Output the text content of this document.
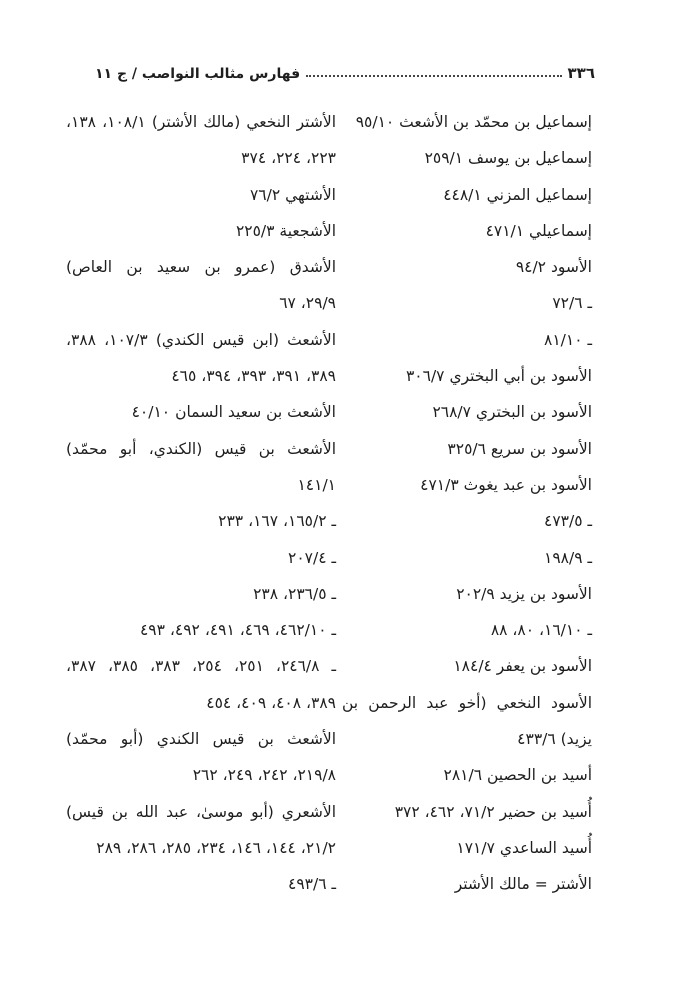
٣٣٦
فهارس مثالب النواصب / ج ١١
إسماعيل بن محمّد بن الأشعث ٩٥/١٠
إسماعيل بن يوسف ٢٥٩/١
إسماعيل المزني ٤٤٨/١
إسماعيلي ٤٧١/١
الأسود ٩٤/٢
ـ ٧٢/٦
ـ ٨١/١٠
الأسود بن أبي البختري ٣٠٦/٧
الأسود بن البختري ٢٦٨/٧
الأسود بن سريع ٣٢٥/٦
الأسود بن عبد يغوث ٤٧١/٣
ـ ٤٧٣/٥
ـ ١٩٨/٩
الأسود بن يزيد ٢٠٢/٩
ـ ١٦/١٠، ٨٠، ٨٨
الأسود بن يعفر ١٨٤/٤
الأسود النخعي (أخو عبد الرحمن بن
يزيد) ٤٣٣/٦
أسيد بن الحصين ٢٨١/٦
أُسيد بن حضير ٧١/٢، ٤٦٢، ٣٧٢
أُسيد الساعدي ١٧١/٧
الأشتر = مالك الأشتر
الأشتر النخعي (مالك الأشتر) ١٠٨/١، ١٣٨،
٢٢٣، ٢٢٤، ٣٧٤
الأشتهي ٧٦/٢
الأشجعية ٢٢٥/٣
الأشدق (عمرو بن سعيد بن العاص)
٢٩/٩، ٦٧
الأشعث (ابن قيس الكندي) ١٠٧/٣، ٣٨٨،
٣٨٩، ٣٩١، ٣٩٣، ٣٩٤، ٤٦٥
الأشعث بن سعيد السمان ٤٠/١٠
الأشعث بن قيس (الكندي، أبو محمّد)
١٤١/١
ـ ١٦٥/٢، ١٦٧، ٢٣٣
ـ ٢٠٧/٤
ـ ٢٣٦/٥، ٢٣٨
ـ ٤٦٢/١٠، ٤٦٩، ٤٩١، ٤٩٢، ٤٩٣
ـ ٢٤٦/٨، ٢٥١، ٢٥٤، ٣٨٣، ٣٨٥، ٣٨٧،
٣٨٩، ٤٠٨، ٤٠٩، ٤٥٤
الأشعث بن قيس الكندي (أبو محمّد)
٢١٩/٨، ٢٤٢، ٢٤٩، ٢٦٢
الأشعري (أبو موسىٰ، عبد الله بن قيس)
٢١/٢، ١٤٤، ١٤٦، ٢٣٤، ٢٨٥، ٢٨٦، ٢٨٩
ـ ٤٩٣/٦
